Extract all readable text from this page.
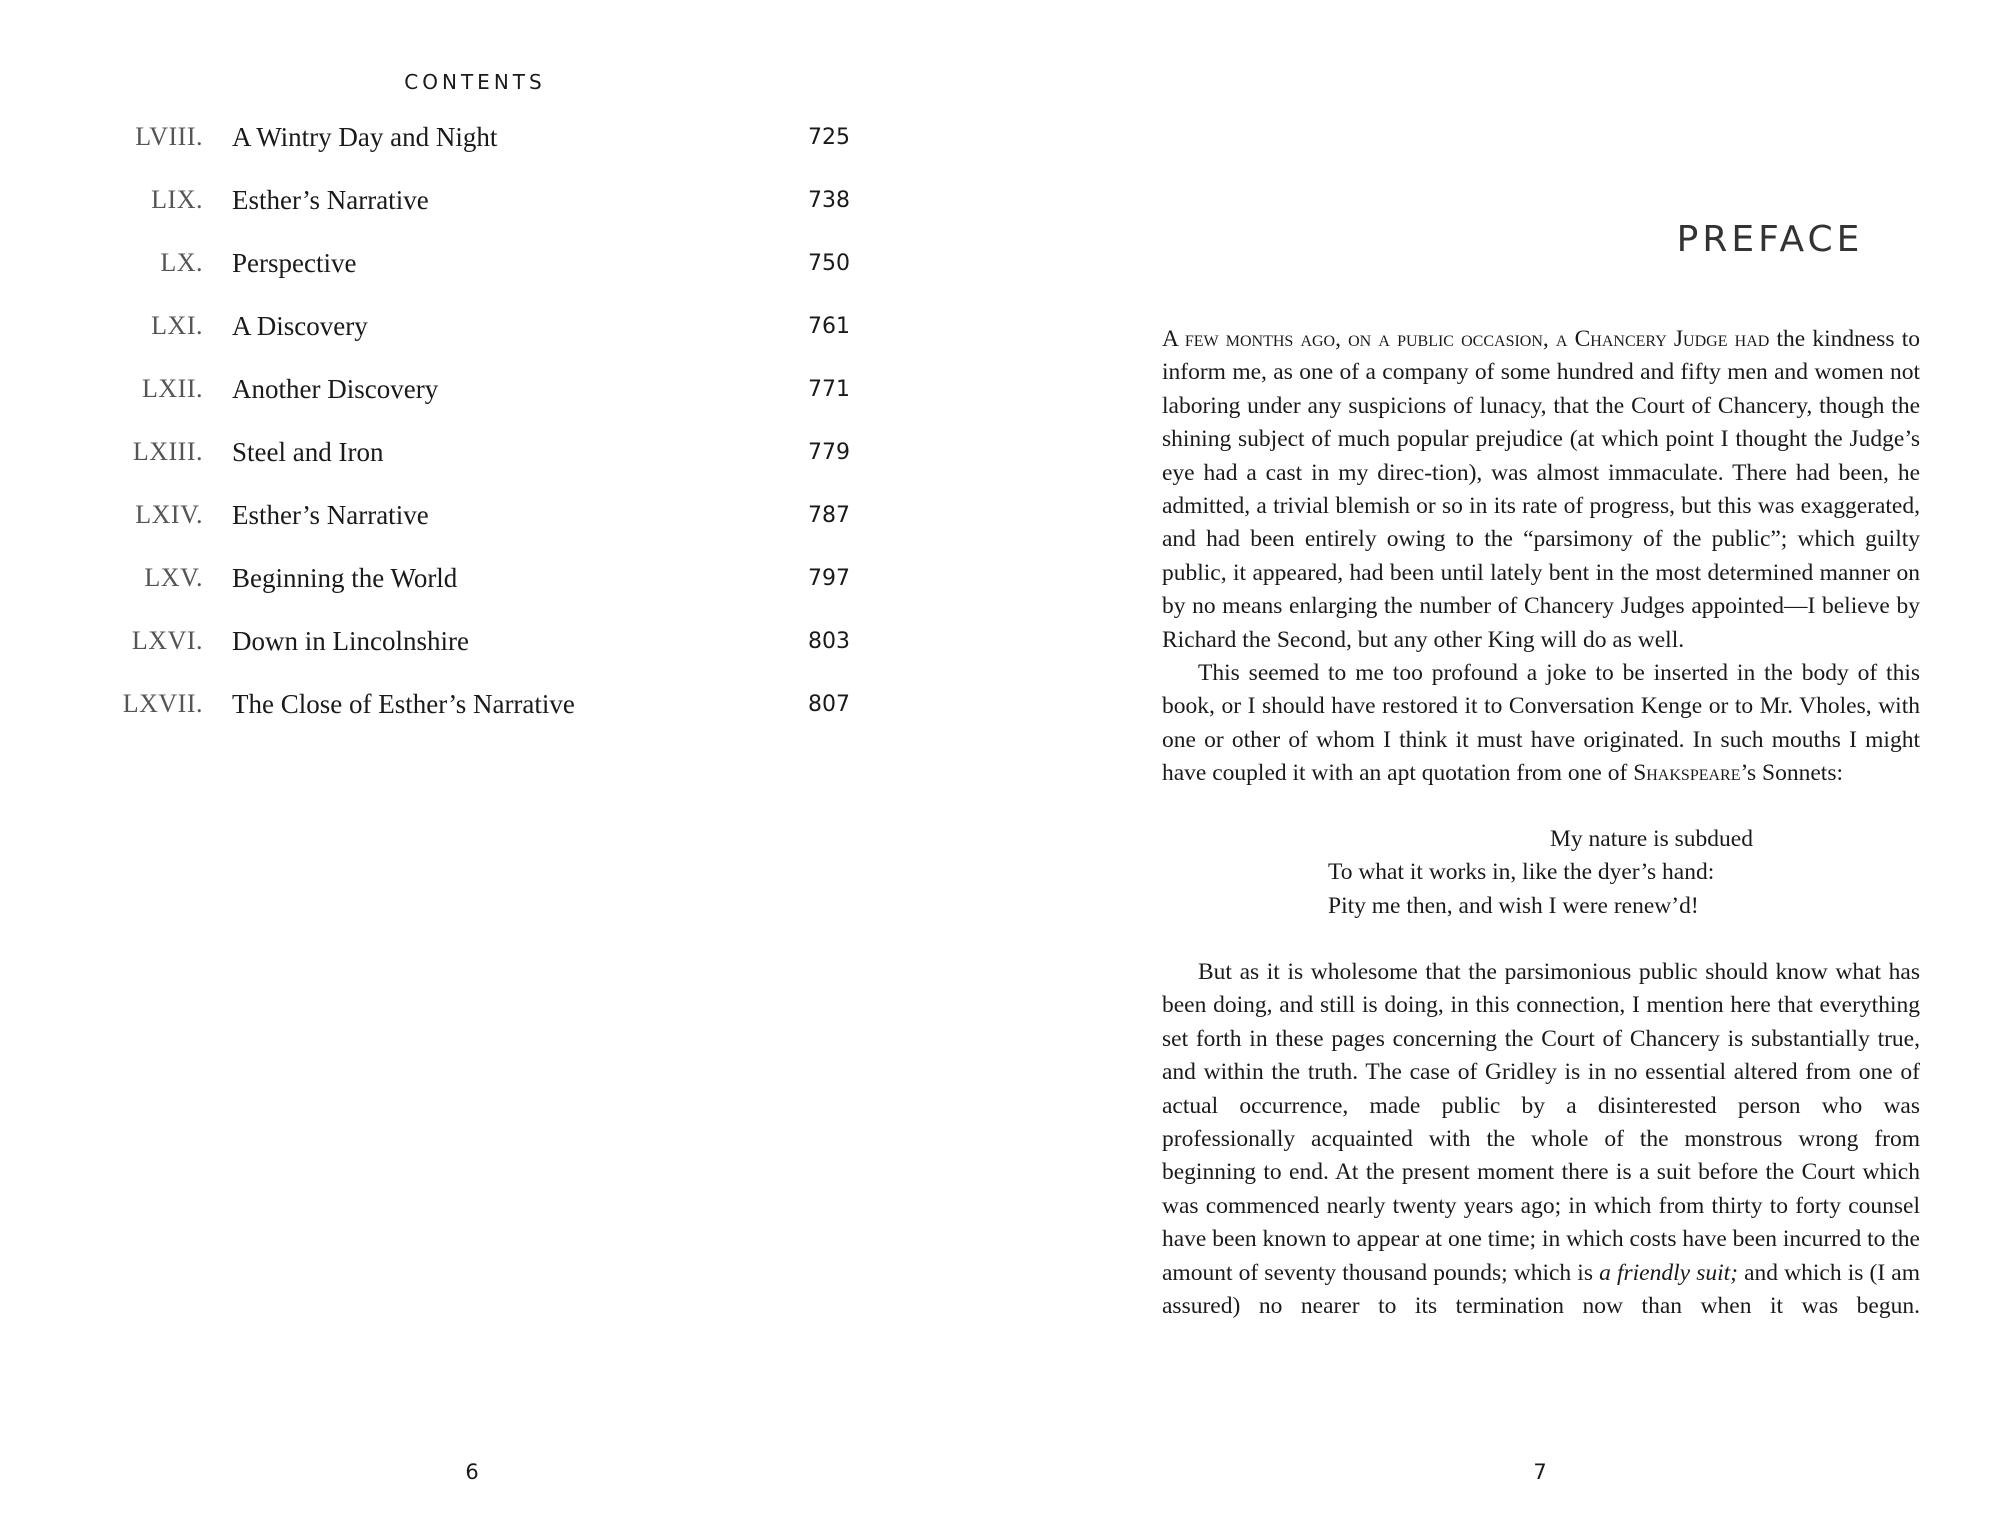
CONTENTS
LVIII. A Wintry Day and Night	725
LIX. Esther’s Narrative	738
LX. Perspective	750
LXI. A Discovery	761
LXII. Another Discovery	771
LXIII. Steel and Iron	779
LXIV. Esther’s Narrative	787
LXV. Beginning the World	797
LXVI. Down in Lincolnshire	803
LXVII. The Close of Esther’s Narrative	807
6
PREFACE

A few months ago, on a public occasion, a Chancery Judge had the kindness to inform me, as one of a company of some hundred and fifty men and women not laboring under any suspicions of lunacy, that the Court of Chancery, though the shining subject of much popular prejudice (at which point I thought the Judge’s eye had a cast in my direc-tion), was almost immaculate. There had been, he admitted, a trivial blemish or so in its rate of progress, but this was exaggerated, and had been entirely owing to the “parsimony of the public”; which guilty public, it appeared, had been until lately bent in the most determined manner on by no means enlarging the number of Chancery Judges appointed—I believe by Richard the Second, but any other King will do as well.

This seemed to me too profound a joke to be inserted in the body of this book, or I should have restored it to Conversation Kenge or to Mr. Vholes, with one or other of whom I think it must have originated. In such mouths I might have coupled it with an apt quotation from one of Shakspeare’s Sonnets:

My nature is subdued
To what it works in, like the dyer’s hand:
Pity me then, and wish I were renew’d!

But as it is wholesome that the parsimonious public should know what has been doing, and still is doing, in this connection, I mention here that everything set forth in these pages concerning the Court of Chancery is substantially true, and within the truth. The case of Gridley is in no essential altered from one of actual occurrence, made public by a disinterested person who was professionally acquainted with the whole of the monstrous wrong from beginning to end. At the present moment there is a suit before the Court which was commenced nearly twenty years ago; in which from thirty to forty counsel have been known to appear at one time; in which costs have been incurred to the amount of seventy thousand pounds; which is a friendly suit; and which is (I am assured) no nearer to its termination now than when it was begun.

7
